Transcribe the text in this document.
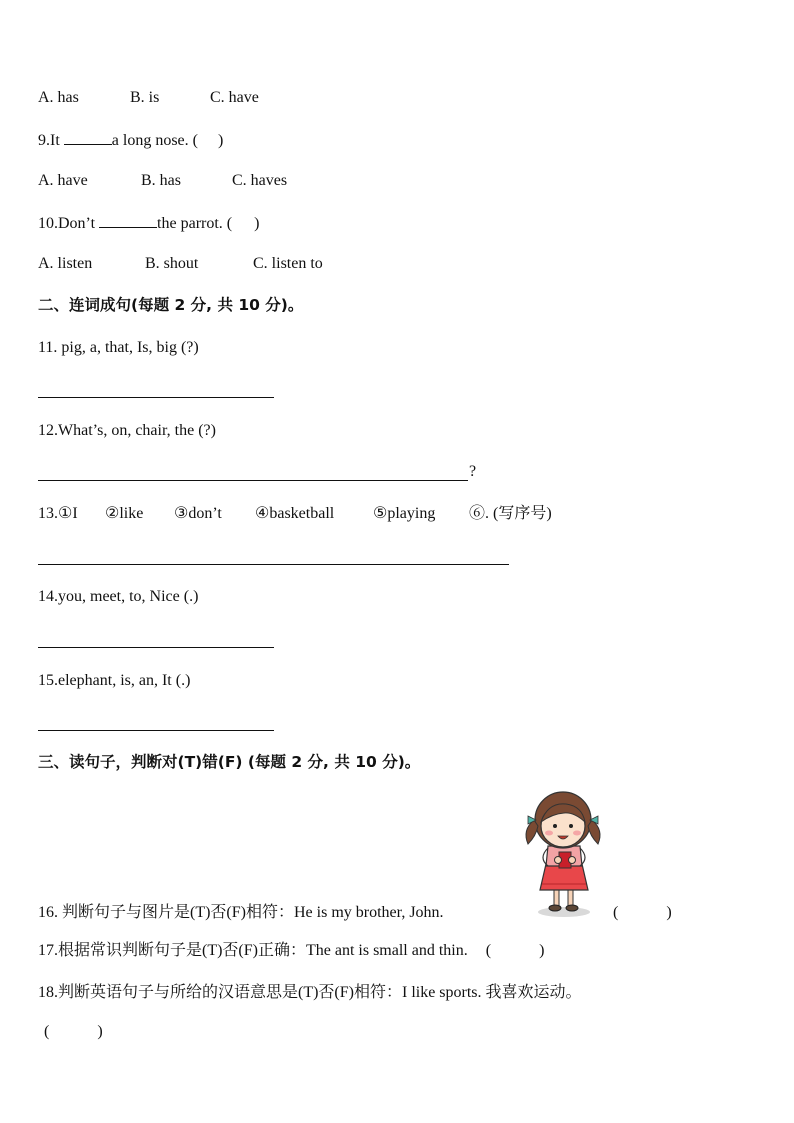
A. has	B. is	C. have
9.It	a long nose. ( )
A. have	B. has	C. haves
10.Don’t	the parrot. ( )
A. listen	B. shout	C. listen to
二、连词成句(每题 2 分, 共 10 分)。
11. pig, a, that, Is, big (?)
12.What’s, on, chair, the (?)
?
13.①I ②like ③don’t ④basketball ⑤playing ⑥. (写序号)
14.you, meet, to, Nice (.)
15.elephant, is, an, It (.)
三、读句子，判断对(T)错(F) (每题 2 分, 共 10 分)。
16. 判断句子与图片是(T)否(F)相符：He is my brother, John.	(　　　)
17.根据常识判断句子是(T)否(F)正确：The ant is small and thin. (　　　)
18.判断英语句子与所给的汉语意思是(T)否(F)相符：I like sports. 我喜欢运动。
(　　　)
